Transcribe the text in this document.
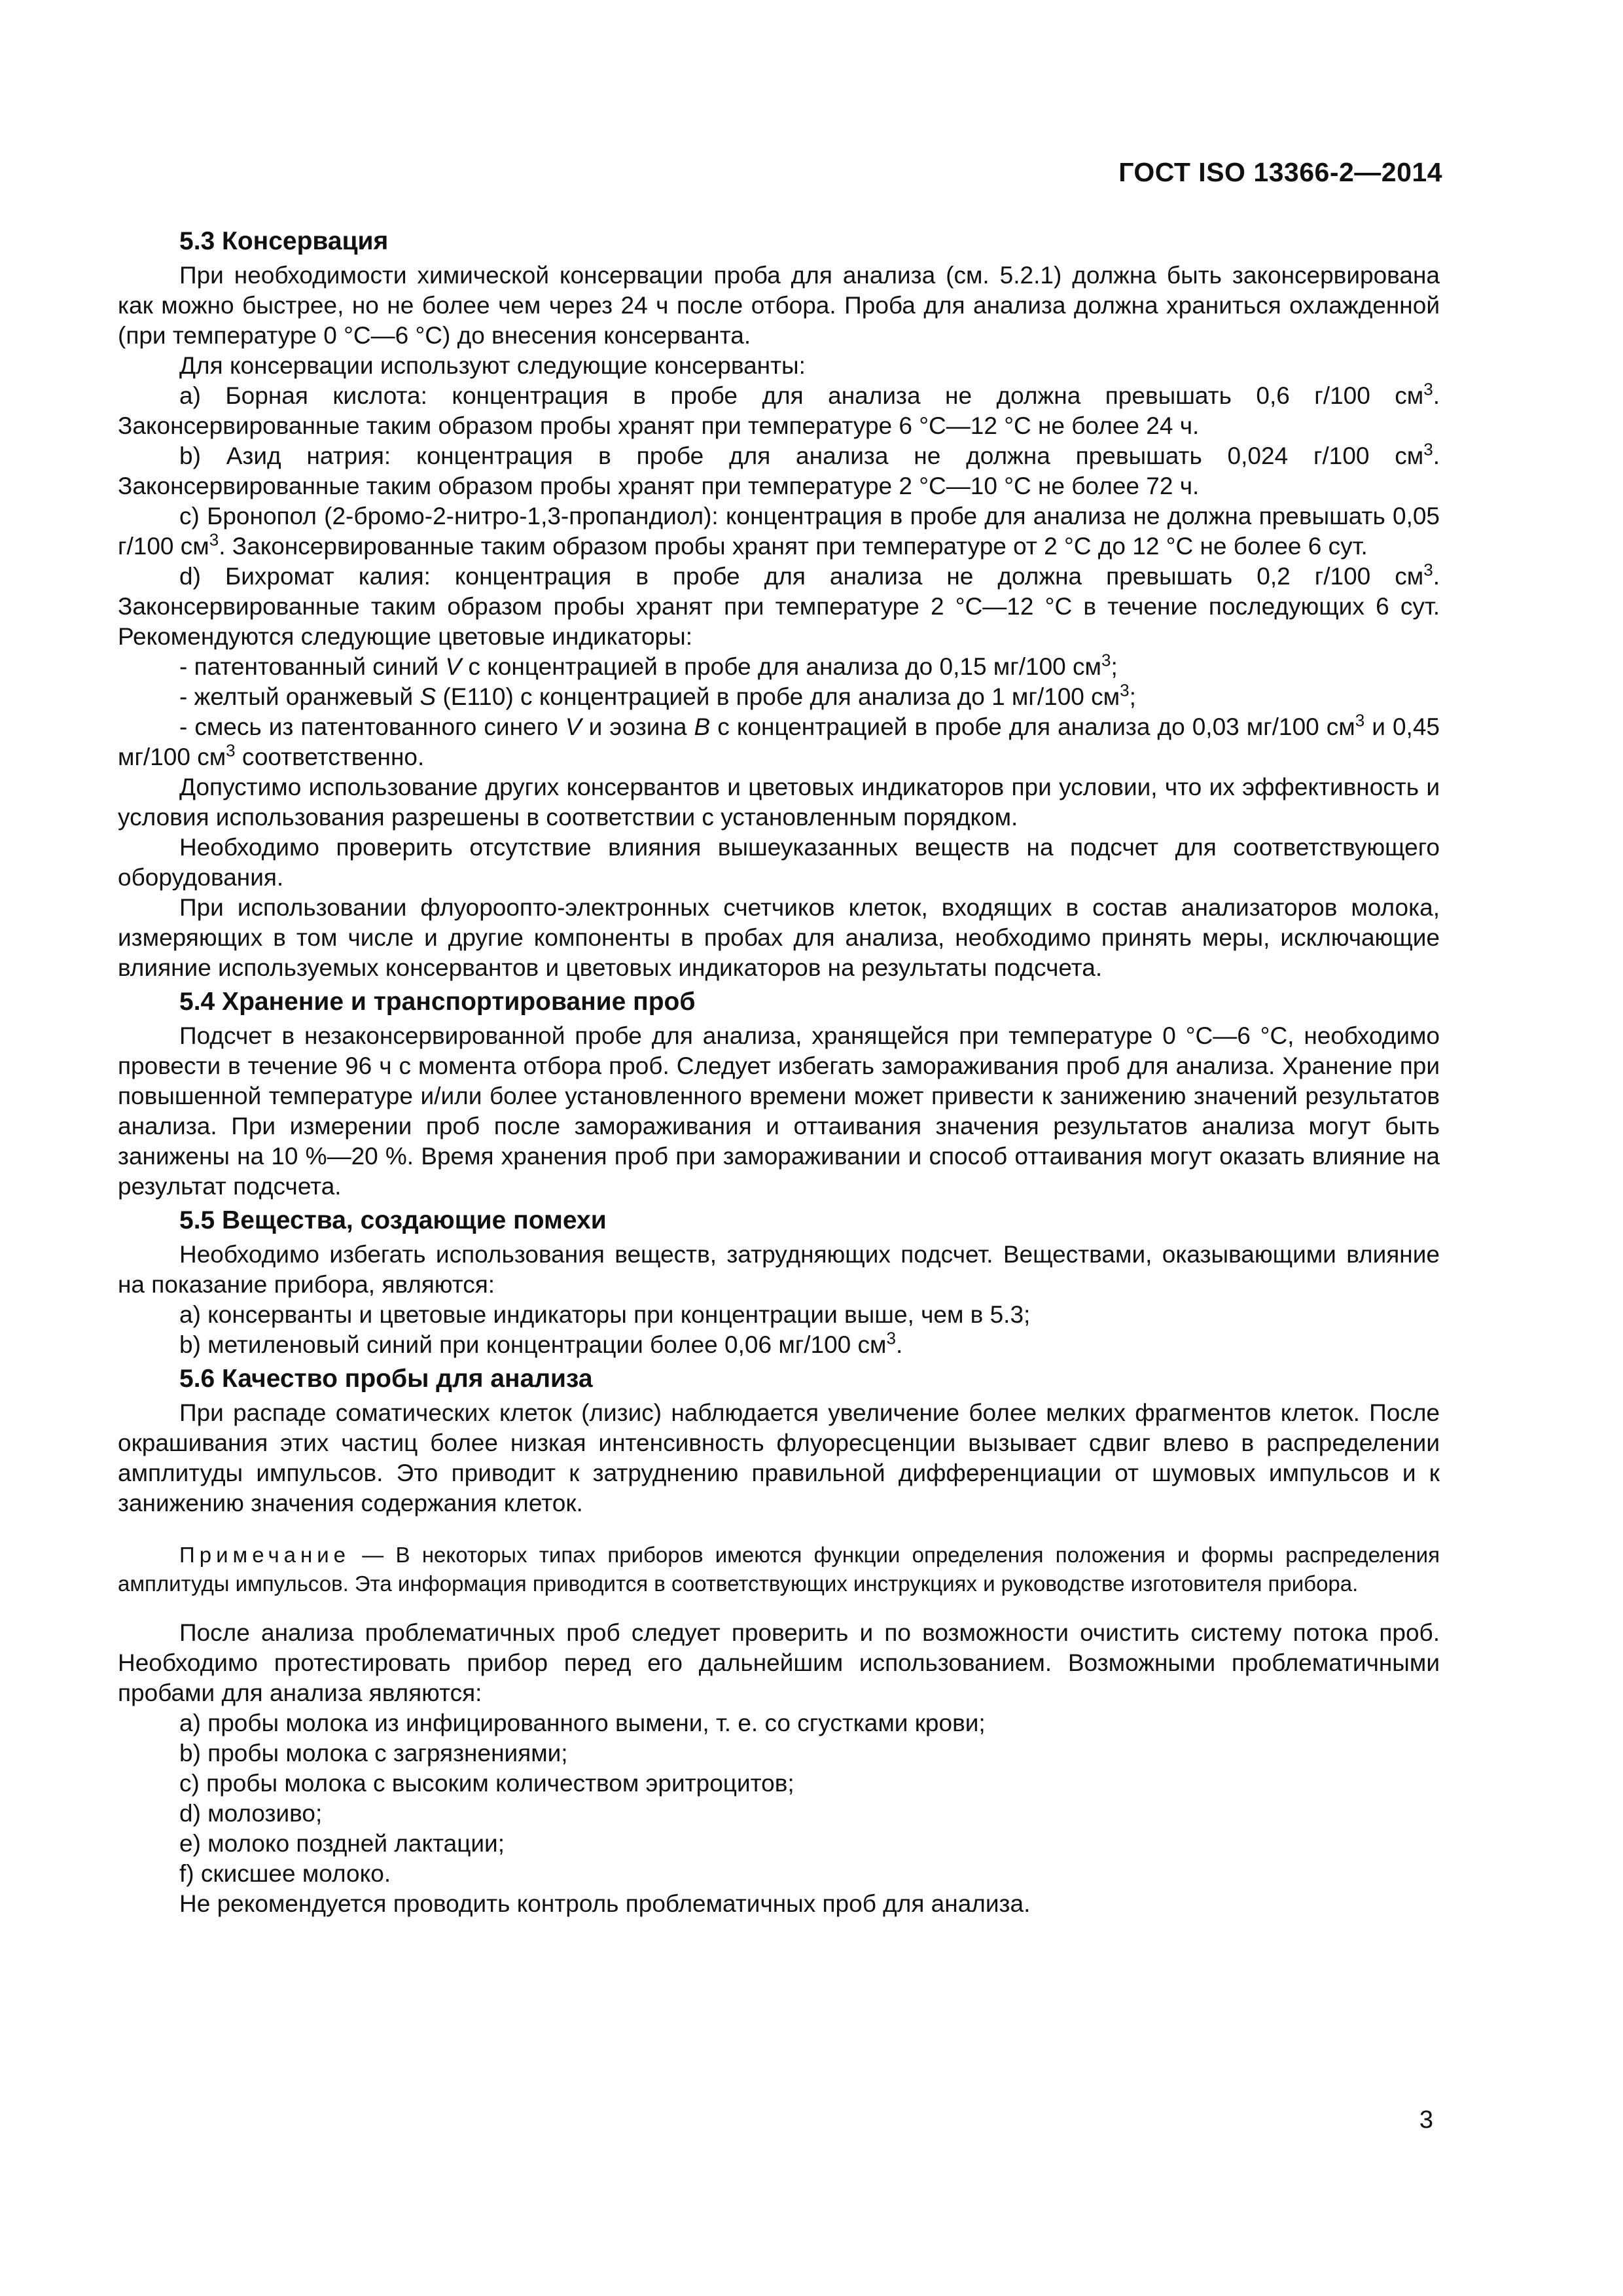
ГОСТ ISO 13366-2—2014
5.3 Консервация

При необходимости химической консервации проба для анализа (см. 5.2.1) должна быть законсервирована как можно быстрее, но не более чем через 24 ч после отбора. Проба для анализа должна храниться охлажденной (при температуре 0 °С—6 °С) до внесения консерванта.

Для консервации используют следующие консерванты:

а) Борная кислота: концентрация в пробе для анализа не должна превышать 0,6 г/100 $см^3$. Законсервированные таким образом пробы хранят при температуре 6 °С—12 °С не более 24 ч.

b) Азид натрия: концентрация в пробе для анализа не должна превышать 0,024 г/100 $см^3$. Законсервированные таким образом пробы хранят при температуре 2 °С—10 °С не более 72 ч.

с) Бронопол (2-бромо-2-нитро-1,3-пропандиол): концентрация в пробе для анализа не должна превышать 0,05 г/100 $см^3$. Законсервированные таким образом пробы хранят при температуре от 2 °С до 12 °С не более 6 сут.

d) Бихромат калия: концентрация в пробе для анализа не должна превышать 0,2 г/100 $см^3$. Законсервированные таким образом пробы хранят при температуре 2 °С—12 °С в течение последующих 6 сут. Рекомендуются следующие цветовые индикаторы:

- патентованный синий V с концентрацией в пробе для анализа до 0,15 мг/100 $см^3$;

- желтый оранжевый S (Е110) с концентрацией в пробе для анализа до 1 мг/100 $см^3$;

- смесь из патентованного синего V и эозина В с концентрацией в пробе для анализа до 0,03 мг/100 $см^3$ и 0,45 мг/100 $см^3$ соответственно.

Допустимо использование других консервантов и цветовых индикаторов при условии, что их эффективность и условия использования разрешены в соответствии с установленным порядком.

Необходимо проверить отсутствие влияния вышеуказанных веществ на подсчет для соответствующего оборудования.

При использовании флуороопто-электронных счетчиков клеток, входящих в состав анализаторов молока, измеряющих в том числе и другие компоненты в пробах для анализа, необходимо принять меры, исключающие влияние используемых консервантов и цветовых индикаторов на результаты подсчета.

5.4 Хранение и транспортирование проб

Подсчет в незаконсервированной пробе для анализа, хранящейся при температуре 0 °С—6 °С, необходимо провести в течение 96 ч с момента отбора проб. Следует избегать замораживания проб для анализа. Хранение при повышенной температуре и/или более установленного времени может привести к занижению значений результатов анализа. При измерении проб после замораживания и оттаивания значения результатов анализа могут быть занижены на 10 %—20 %. Время хранения проб при замораживании и способ оттаивания могут оказать влияние на результат подсчета.

5.5 Вещества, создающие помехи

Необходимо избегать использования веществ, затрудняющих подсчет. Веществами, оказывающими влияние на показание прибора, являются:

а) консерванты и цветовые индикаторы при концентрации выше, чем в 5.3;

b) метиленовый синий при концентрации более 0,06 мг/100 $см^3$.

5.6 Качество пробы для анализа

При распаде соматических клеток (лизис) наблюдается увеличение более мелких фрагментов клеток. После окрашивания этих частиц более низкая интенсивность флуоресценции вызывает сдвиг влево в распределении амплитуды импульсов. Это приводит к затруднению правильной дифференциации от шумовых импульсов и к занижению значения содержания клеток.

Примечание — В некоторых типах приборов имеются функции определения положения и формы распределения амплитуды импульсов. Эта информация приводится в соответствующих инструкциях и руководстве изготовителя прибора.

После анализа проблематичных проб следует проверить и по возможности очистить систему потока проб. Необходимо протестировать прибор перед его дальнейшим использованием. Возможными проблематичными пробами для анализа являются:

а) пробы молока из инфицированного вымени, т. е. со сгустками крови;

b) пробы молока с загрязнениями;

с) пробы молока с высоким количеством эритроцитов;

d) молозиво;

е) молоко поздней лактации;

f) скисшее молоко.

Не рекомендуется проводить контроль проблематичных проб для анализа.

3
